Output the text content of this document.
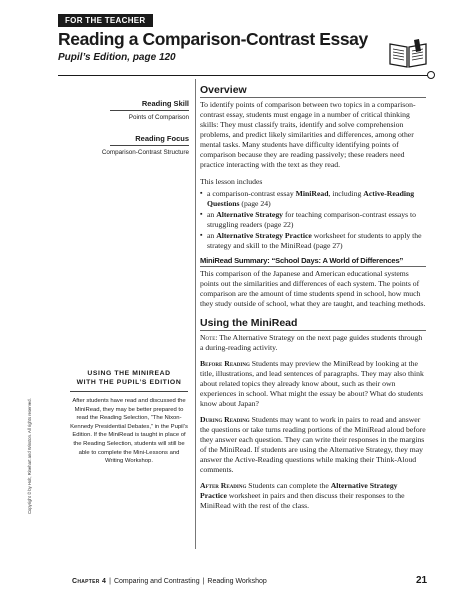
FOR THE TEACHER
Reading a Comparison-Contrast Essay
Pupil’s Edition, page 120
Reading Skill
Points of Comparison
Reading Focus
Comparison-Contrast Structure
USING THE MINIREAD
WITH THE PUPIL’S EDITION
After students have read and discussed the MiniRead, they may be better prepared to read the Reading Selection, “The Nixon-Kennedy Presidential Debates,” in the Pupil’s Edition. If the MiniRead is taught in place of the Reading Selection, students will still be able to complete the Mini-Lessons and Writing Workshop.
Copyright © by Holt, Rinehart and Winston. All rights reserved.
Overview

To identify points of comparison between two topics in a comparison-contrast essay, students must engage in a number of critical thinking skills: They must classify traits, identify and solve comprehension problems, and predict likely similarities and differences, among other mental tasks. Many students have difficulty identifying points of comparison because they are reading passively; these readers need practice interacting with the text as they read.

This lesson includes

▪ a comparison-contrast essay MiniRead, including Active-Reading Questions (page 24)
▪ an Alternative Strategy for teaching comparison-contrast essays to struggling readers (page 22)
▪ an Alternative Strategy Practice worksheet for students to apply the strategy and skill to the MiniRead (page 27)
MiniRead Summary: “School Days: A World of Differences”

This comparison of the Japanese and American educational systems points out the similarities and differences of each system. The points of comparison are the amount of time students spend in school, how much they study outside of school, what they are taught, and teaching methods.

Using the MiniRead

Note: The Alternative Strategy on the next page guides students through a during-reading activity.

Before Reading Students may preview the MiniRead by looking at the title, illustrations, and lead sentences of paragraphs. They may also think about related topics they already know about, such as their own experiences in school. What might the essay be about? What do students know about Japan?

During Reading Students may want to work in pairs to read and answer the questions or take turns reading portions of the MiniRead aloud before they answer each question. They can write their responses in the margins of the MiniRead. If students are using the Alternative Strategy, they may answer the Active-Reading questions while making their Think-Aloud comments.

After Reading Students can complete the Alternative Strategy Practice worksheet in pairs and then discuss their responses to the MiniRead with the rest of the class.

Chapter 4 | Comparing and Contrasting | Reading Workshop	21
